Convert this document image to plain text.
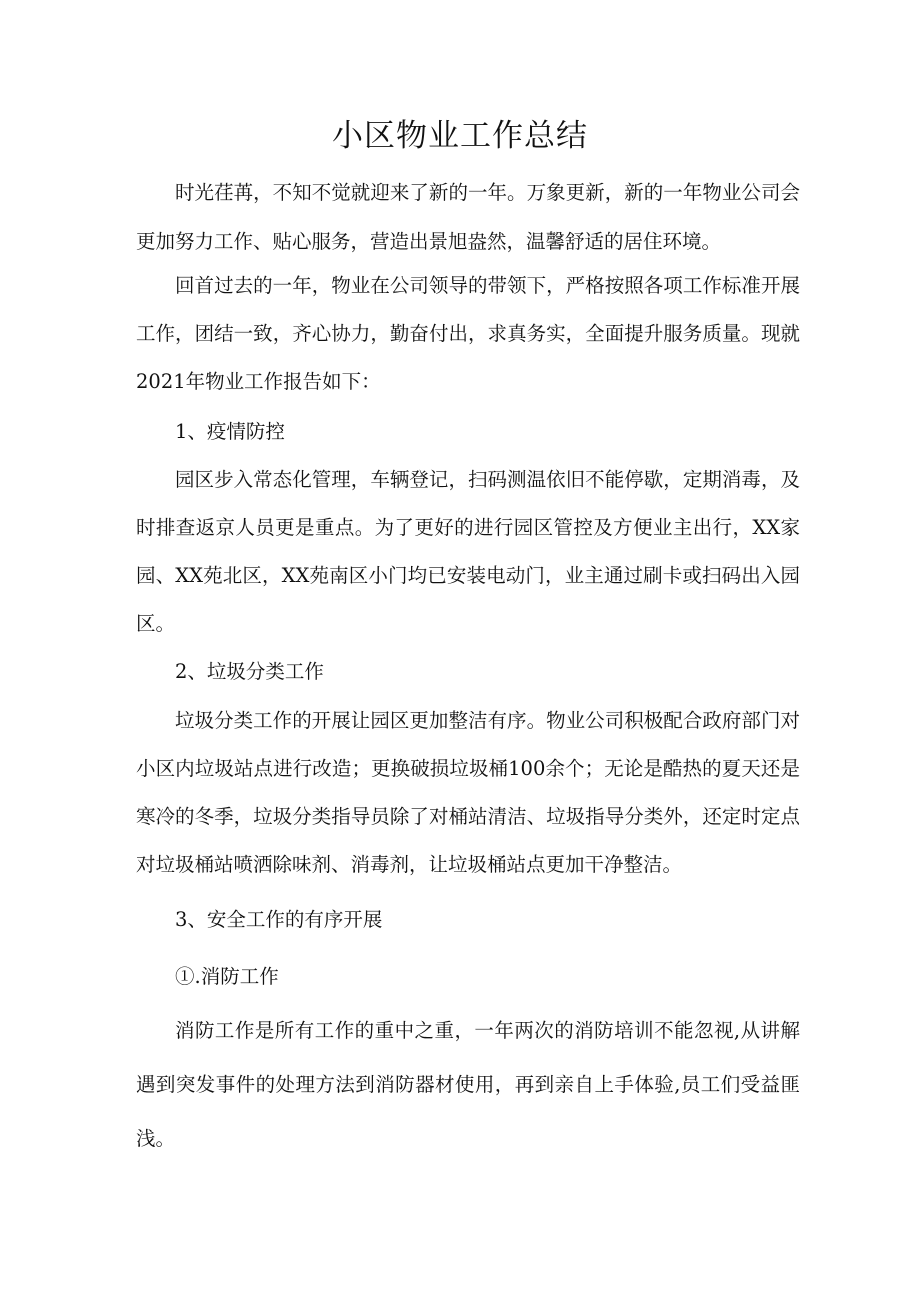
小区物业工作总结

时光荏苒，不知不觉就迎来了新的一年。万象更新，新的一年物业公司会更加努力工作、贴心服务，营造出景旭盎然，温馨舒适的居住环境。

回首过去的一年，物业在公司领导的带领下，严格按照各项工作标准开展工作，团结一致，齐心协力，勤奋付出，求真务实，全面提升服务质量。现就2021年物业工作报告如下：

1、疫情防控

园区步入常态化管理，车辆登记，扫码测温依旧不能停歇，定期消毒，及时排查返京人员更是重点。为了更好的进行园区管控及方便业主出行，XX家园、XX苑北区，XX苑南区小门均已安装电动门，业主通过刷卡或扫码出入园区。

2、垃圾分类工作

垃圾分类工作的开展让园区更加整洁有序。物业公司积极配合政府部门对小区内垃圾站点进行改造；更换破损垃圾桶100余个；无论是酷热的夏天还是寒冷的冬季，垃圾分类指导员除了对桶站清洁、垃圾指导分类外，还定时定点对垃圾桶站喷洒除味剂、消毒剂，让垃圾桶站点更加干净整洁。

3、安全工作的有序开展

①.消防工作

消防工作是所有工作的重中之重，一年两次的消防培训不能忽视,从讲解遇到突发事件的处理方法到消防器材使用，再到亲自上手体验,员工们受益匪浅。
